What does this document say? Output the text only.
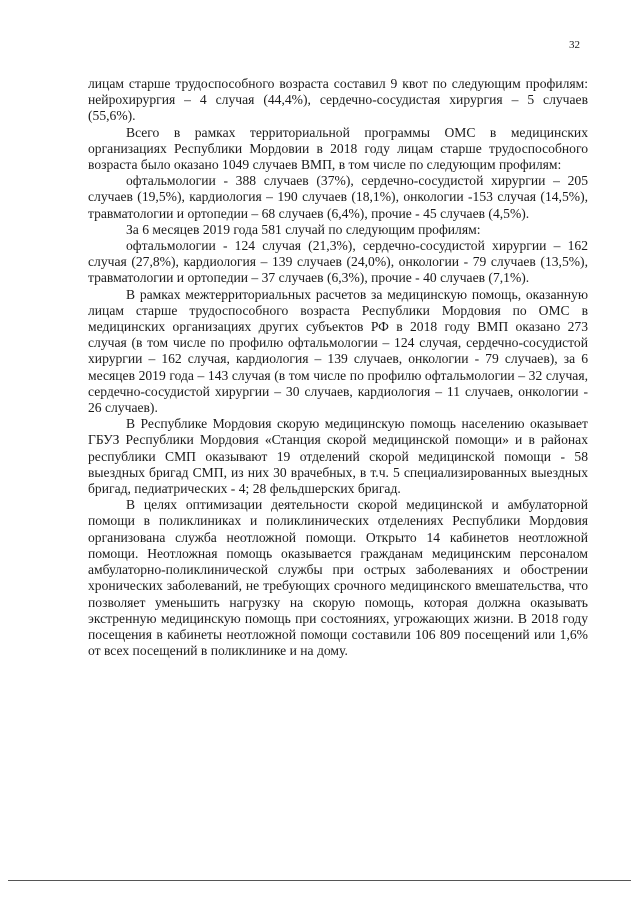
32

лицам старше трудоспособного возраста составил 9 квот по следующим профилям: нейрохирургия – 4 случая (44,4%), сердечно-сосудистая хирургия – 5 случаев (55,6%).

Всего в рамках территориальной программы ОМС в медицинских организациях Республики Мордовии в 2018 году лицам старше трудоспособного возраста было оказано 1049 случаев ВМП, в том числе по следующим профилям:

офтальмологии - 388 случаев (37%), сердечно-сосудистой хирургии – 205 случаев (19,5%), кардиология – 190 случаев (18,1%), онкологии -153 случая (14,5%), травматологии и ортопедии – 68 случаев (6,4%), прочие - 45 случаев (4,5%).

За 6 месяцев 2019 года 581 случай по следующим профилям:

офтальмологии - 124 случая (21,3%), сердечно-сосудистой хирургии – 162 случая (27,8%), кардиология – 139 случаев (24,0%), онкологии - 79 случаев (13,5%), травматологии и ортопедии – 37 случаев (6,3%), прочие - 40 случаев (7,1%).

В рамках межтерриториальных расчетов за медицинскую помощь, оказанную лицам старше трудоспособного возраста Республики Мордовия по ОМС в медицинских организациях других субъектов РФ в 2018 году ВМП оказано 273 случая (в том числе по профилю офтальмологии – 124 случая, сердечно-сосудистой хирургии – 162 случая, кардиология – 139 случаев, онкологии - 79 случаев), за 6 месяцев 2019 года – 143 случая (в том числе по профилю офтальмологии – 32 случая, сердечно-сосудистой хирургии – 30 случаев, кардиология – 11 случаев, онкологии - 26 случаев).

В Республике Мордовия скорую медицинскую помощь населению оказывает ГБУЗ Республики Мордовия «Станция скорой медицинской помощи» и в районах республики СМП оказывают 19 отделений скорой медицинской помощи - 58 выездных бригад СМП, из них 30 врачебных, в т.ч. 5 специализированных выездных бригад, педиатрических - 4; 28 фельдшерских бригад.

В целях оптимизации деятельности скорой медицинской и амбулаторной помощи в поликлиниках и поликлинических отделениях Республики Мордовия организована служба неотложной помощи. Открыто 14 кабинетов неотложной помощи. Неотложная помощь оказывается гражданам медицинским персоналом амбулаторно-поликлинической службы при острых заболеваниях и обострении хронических заболеваний, не требующих срочного медицинского вмешательства, что позволяет уменьшить нагрузку на скорую помощь, которая должна оказывать экстренную медицинскую помощь при состояниях, угрожающих жизни. В 2018 году посещения в кабинеты неотложной помощи составили 106 809 посещений или 1,6% от всех посещений в поликлинике и на дому.
